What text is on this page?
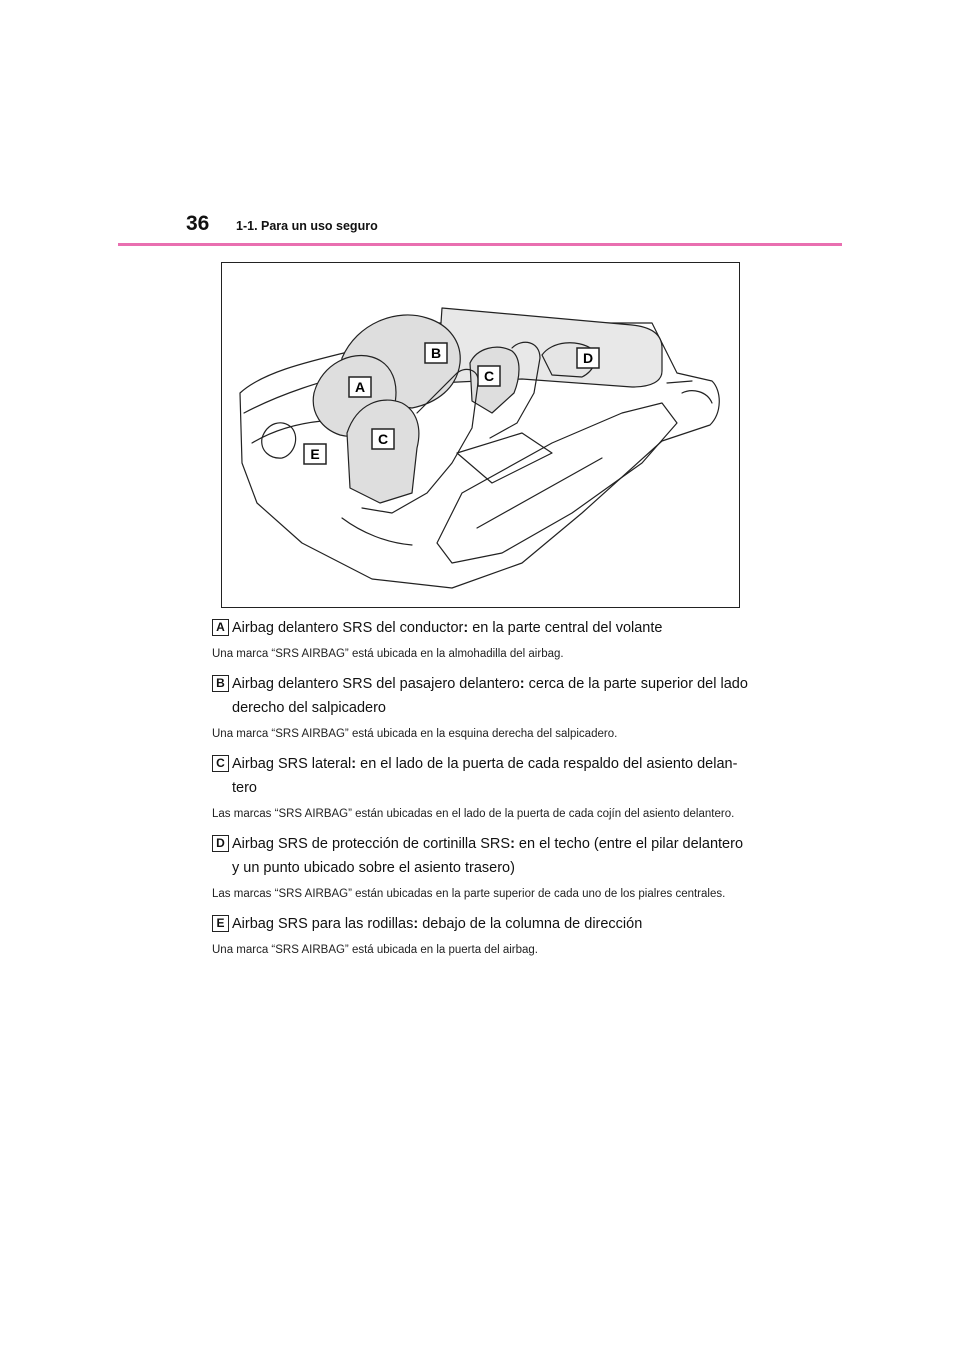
36 1-1. Para un uso seguro
A
B
C
C
D
E
A Airbag delantero SRS del conductor: en la parte central del volante
Una marca “SRS AIRBAG” está ubicada en la almohadilla del airbag.
B Airbag delantero SRS del pasajero delantero: cerca de la parte superior del lado derecho del salpicadero
Una marca “SRS AIRBAG” está ubicada en la esquina derecha del salpicadero.
C Airbag SRS lateral: en el lado de la puerta de cada respaldo del asiento delan-tero
Las marcas “SRS AIRBAG” están ubicadas en el lado de la puerta de cada cojín del asiento delantero.
D Airbag SRS de protección de cortinilla SRS: en el techo (entre el pilar delantero y un punto ubicado sobre el asiento trasero)
Las marcas “SRS AIRBAG” están ubicadas en la parte superior de cada uno de los pialres centrales.
E Airbag SRS para las rodillas: debajo de la columna de dirección
Una marca “SRS AIRBAG” está ubicada en la puerta del airbag.
